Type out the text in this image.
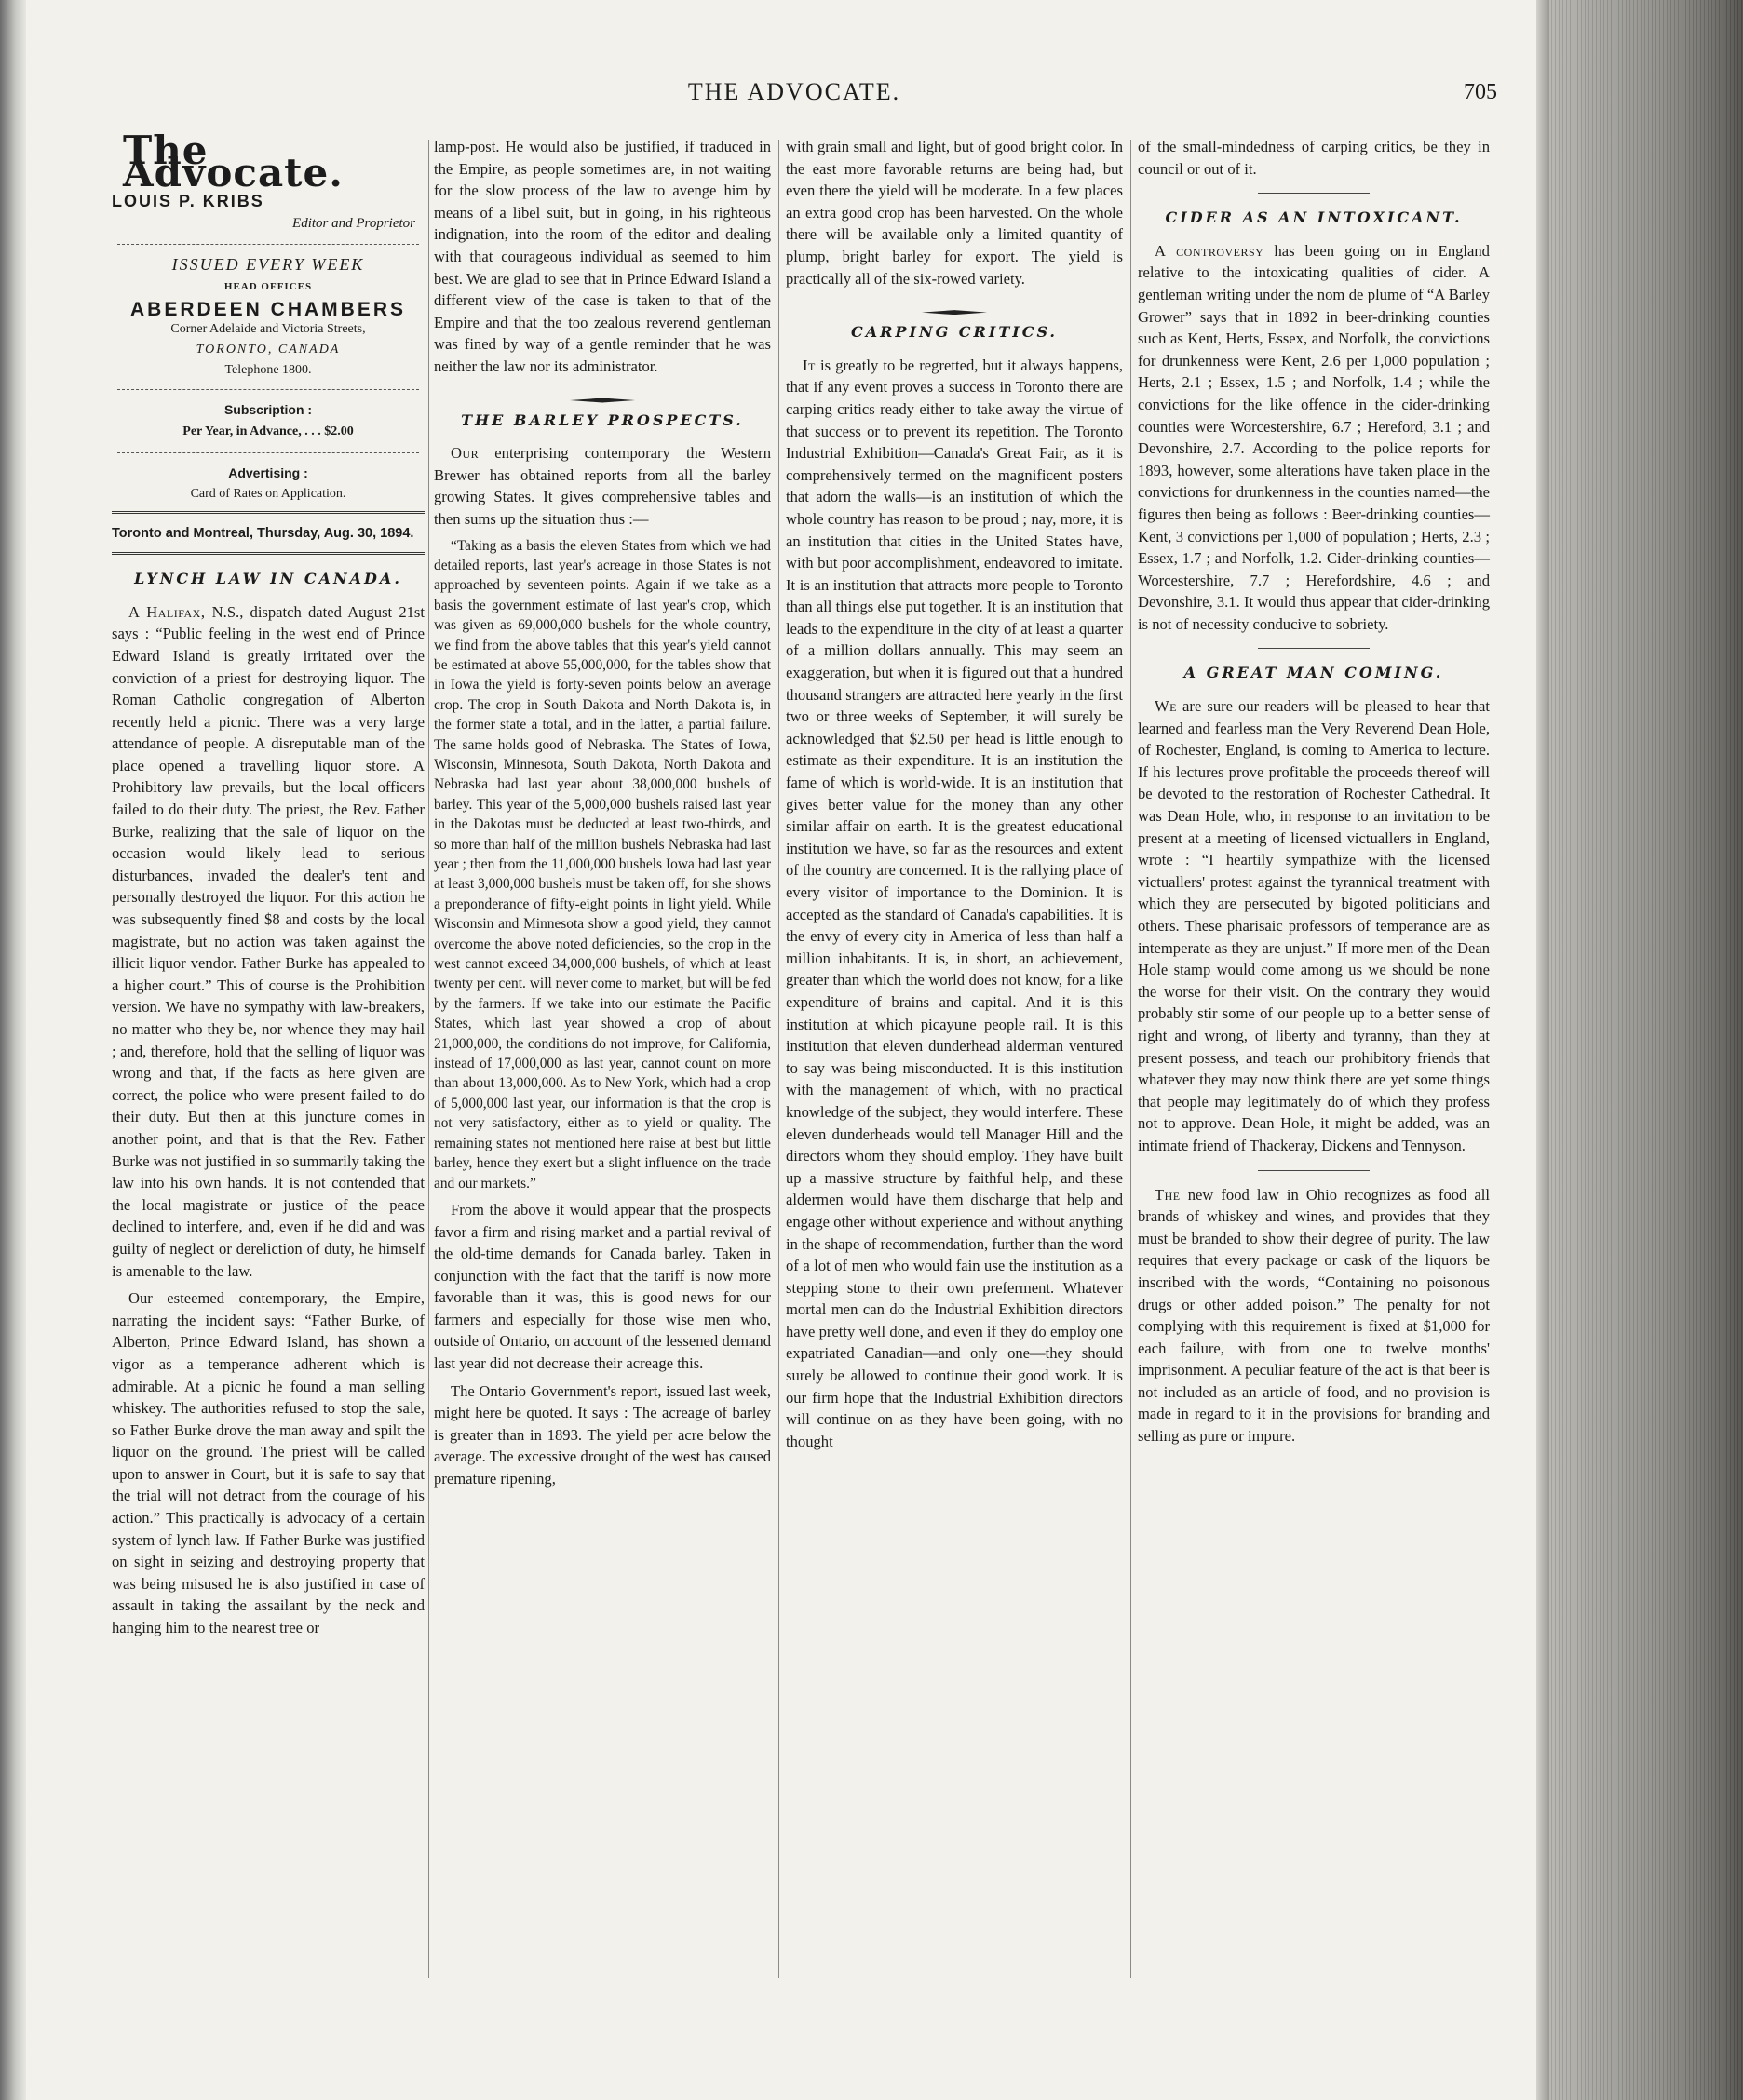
THE ADVOCATE.	705
The Advocate.
LOUIS P. KRIBS
Editor and Proprietor
ISSUED EVERY WEEK
HEAD OFFICES
ABERDEEN CHAMBERS
Corner Adelaide and Victoria Streets,
TORONTO, CANADA
Telephone 1800.
Subscription :
Per Year, in Advance, . . . $2.00
Advertising :
Card of Rates on Application.
Toronto and Montreal, Thursday, Aug. 30, 1894.
LYNCH LAW IN CANADA.

A Halifax, N.S., dispatch dated August 21st says : “Public feeling in the west end of Prince Edward Island is greatly irritated over the conviction of a priest for destroying liquor. The Roman Catholic congregation of Alberton recently held a picnic. There was a very large attendance of people. A disreputable man of the place opened a travelling liquor store. A Prohibitory law prevails, but the local officers failed to do their duty. The priest, the Rev. Father Burke, realizing that the sale of liquor on the occasion would likely lead to serious disturbances, invaded the dealer's tent and personally destroyed the liquor. For this action he was subsequently fined $8 and costs by the local magistrate, but no action was taken against the illicit liquor vendor. Father Burke has appealed to a higher court.” This of course is the Prohibition version. We have no sympathy with law-breakers, no matter who they be, nor whence they may hail ; and, therefore, hold that the selling of liquor was wrong and that, if the facts as here given are correct, the police who were present failed to do their duty. But then at this juncture comes in another point, and that is that the Rev. Father Burke was not justified in so summarily taking the law into his own hands. It is not contended that the local magistrate or justice of the peace declined to interfere, and, even if he did and was guilty of neglect or dereliction of duty, he himself is amenable to the law.

Our esteemed contemporary, the Empire, narrating the incident says: “Father Burke, of Alberton, Prince Edward Island, has shown a vigor as a temperance adherent which is admirable. At a picnic he found a man selling whiskey. The authorities refused to stop the sale, so Father Burke drove the man away and spilt the liquor on the ground. The priest will be called upon to answer in Court, but it is safe to say that the trial will not detract from the courage of his action.” This practically is advocacy of a certain system of lynch law. If Father Burke was justified on sight in seizing and destroying property that was being misused he is also justified in case of assault in taking the assailant by the neck and hanging him to the nearest tree or

lamp-post. He would also be justified, if traduced in the Empire, as people sometimes are, in not waiting for the slow process of the law to avenge him by means of a libel suit, but in going, in his righteous indignation, into the room of the editor and dealing with that courageous individual as seemed to him best. We are glad to see that in Prince Edward Island a different view of the case is taken to that of the Empire and that the too zealous reverend gentleman was fined by way of a gentle reminder that he was neither the law nor its administrator.

THE BARLEY PROSPECTS.

Our enterprising contemporary the Western Brewer has obtained reports from all the barley growing States. It gives comprehensive tables and then sums up the situation thus :—

“Taking as a basis the eleven States from which we had detailed reports, last year's acreage in those States is not approached by seventeen points. Again if we take as a basis the government estimate of last year's crop, which was given as 69,000,000 bushels for the whole country, we find from the above tables that this year's yield cannot be estimated at above 55,000,000, for the tables show that in Iowa the yield is forty-seven points below an average crop. The crop in South Dakota and North Dakota is, in the former state a total, and in the latter, a partial failure. The same holds good of Nebraska. The States of Iowa, Wisconsin, Minnesota, South Dakota, North Dakota and Nebraska had last year about 38,000,000 bushels of barley. This year of the 5,000,000 bushels raised last year in the Dakotas must be deducted at least two-thirds, and so more than half of the million bushels Nebraska had last year ; then from the 11,000,000 bushels Iowa had last year at least 3,000,000 bushels must be taken off, for she shows a preponderance of fifty-eight points in light yield. While Wisconsin and Minnesota show a good yield, they cannot overcome the above noted deficiencies, so the crop in the west cannot exceed 34,000,000 bushels, of which at least twenty per cent. will never come to market, but will be fed by the farmers. If we take into our estimate the Pacific States, which last year showed a crop of about 21,000,000, the conditions do not improve, for California, instead of 17,000,000 as last year, cannot count on more than about 13,000,000. As to New York, which had a crop of 5,000,000 last year, our information is that the crop is not very satisfactory, either as to yield or quality. The remaining states not mentioned here raise at best but little barley, hence they exert but a slight influence on the trade and our markets.”

From the above it would appear that the prospects favor a firm and rising market and a partial revival of the old-time demands for Canada barley. Taken in conjunction with the fact that the tariff is now more favorable than it was, this is good news for our farmers and especially for those wise men who, outside of Ontario, on account of the lessened demand last year did not decrease their acreage this.

The Ontario Government's report, issued last week, might here be quoted. It says : The acreage of barley is greater than in 1893. The yield per acre below the average. The excessive drought of the west has caused premature ripening,

with grain small and light, but of good bright color. In the east more favorable returns are being had, but even there the yield will be moderate. In a few places an extra good crop has been harvested. On the whole there will be available only a limited quantity of plump, bright barley for export. The yield is practically all of the six-rowed variety.

CARPING CRITICS.

It is greatly to be regretted, but it always happens, that if any event proves a success in Toronto there are carping critics ready either to take away the virtue of that success or to prevent its repetition. The Toronto Industrial Exhibition—Canada's Great Fair, as it is comprehensively termed on the magnificent posters that adorn the walls—is an institution of which the whole country has reason to be proud ; nay, more, it is an institution that cities in the United States have, with but poor accomplishment, endeavored to imitate. It is an institution that attracts more people to Toronto than all things else put together. It is an institution that leads to the expenditure in the city of at least a quarter of a million dollars annually. This may seem an exaggeration, but when it is figured out that a hundred thousand strangers are attracted here yearly in the first two or three weeks of September, it will surely be acknowledged that $2.50 per head is little enough to estimate as their expenditure. It is an institution the fame of which is world-wide. It is an institution that gives better value for the money than any other similar affair on earth. It is the greatest educational institution we have, so far as the resources and extent of the country are concerned. It is the rallying place of every visitor of importance to the Dominion. It is accepted as the standard of Canada's capabilities. It is the envy of every city in America of less than half a million inhabitants. It is, in short, an achievement, greater than which the world does not know, for a like expenditure of brains and capital. And it is this institution at which picayune people rail. It is this institution that eleven dunderhead alderman ventured to say was being misconducted. It is this institution with the management of which, with no practical knowledge of the subject, they would interfere. These eleven dunderheads would tell Manager Hill and the directors whom they should employ. They have built up a massive structure by faithful help, and these aldermen would have them discharge that help and engage other without experience and without anything in the shape of recommendation, further than the word of a lot of men who would fain use the institution as a stepping stone to their own preferment. Whatever mortal men can do the Industrial Exhibition directors have pretty well done, and even if they do employ one expatriated Canadian—and only one—they should surely be allowed to continue their good work. It is our firm hope that the Industrial Exhibition directors will continue on as they have been going, with no thought

of the small-mindedness of carping critics, be they in council or out of it.

CIDER AS AN INTOXICANT.

A controversy has been going on in England relative to the intoxicating qualities of cider. A gentleman writing under the nom de plume of “A Barley Grower” says that in 1892 in beer-drinking counties such as Kent, Herts, Essex, and Norfolk, the convictions for drunkenness were Kent, 2.6 per 1,000 population ; Herts, 2.1 ; Essex, 1.5 ; and Norfolk, 1.4 ; while the convictions for the like offence in the cider-drinking counties were Worcestershire, 6.7 ; Hereford, 3.1 ; and Devonshire, 2.7. According to the police reports for 1893, however, some alterations have taken place in the convictions for drunkenness in the counties named—the figures then being as follows : Beer-drinking counties—Kent, 3 convictions per 1,000 of population ; Herts, 2.3 ; Essex, 1.7 ; and Norfolk, 1.2. Cider-drinking counties—Worcestershire, 7.7 ; Herefordshire, 4.6 ; and Devonshire, 3.1. It would thus appear that cider-drinking is not of necessity conducive to sobriety.

A GREAT MAN COMING.

We are sure our readers will be pleased to hear that learned and fearless man the Very Reverend Dean Hole, of Rochester, England, is coming to America to lecture. If his lectures prove profitable the proceeds thereof will be devoted to the restoration of Rochester Cathedral. It was Dean Hole, who, in response to an invitation to be present at a meeting of licensed victuallers in England, wrote : “I heartily sympathize with the licensed victuallers' protest against the tyrannical treatment with which they are persecuted by bigoted politicians and others. These pharisaic professors of temperance are as intemperate as they are unjust.” If more men of the Dean Hole stamp would come among us we should be none the worse for their visit. On the contrary they would probably stir some of our people up to a better sense of right and wrong, of liberty and tyranny, than they at present possess, and teach our prohibitory friends that whatever they may now think there are yet some things that people may legitimately do of which they profess not to approve. Dean Hole, it might be added, was an intimate friend of Thackeray, Dickens and Tennyson.

The new food law in Ohio recognizes as food all brands of whiskey and wines, and provides that they must be branded to show their degree of purity. The law requires that every package or cask of the liquors be inscribed with the words, “Containing no poisonous drugs or other added poison.” The penalty for not complying with this requirement is fixed at $1,000 for each failure, with from one to twelve months' imprisonment. A peculiar feature of the act is that beer is not included as an article of food, and no provision is made in regard to it in the provisions for branding and selling as pure or impure.
